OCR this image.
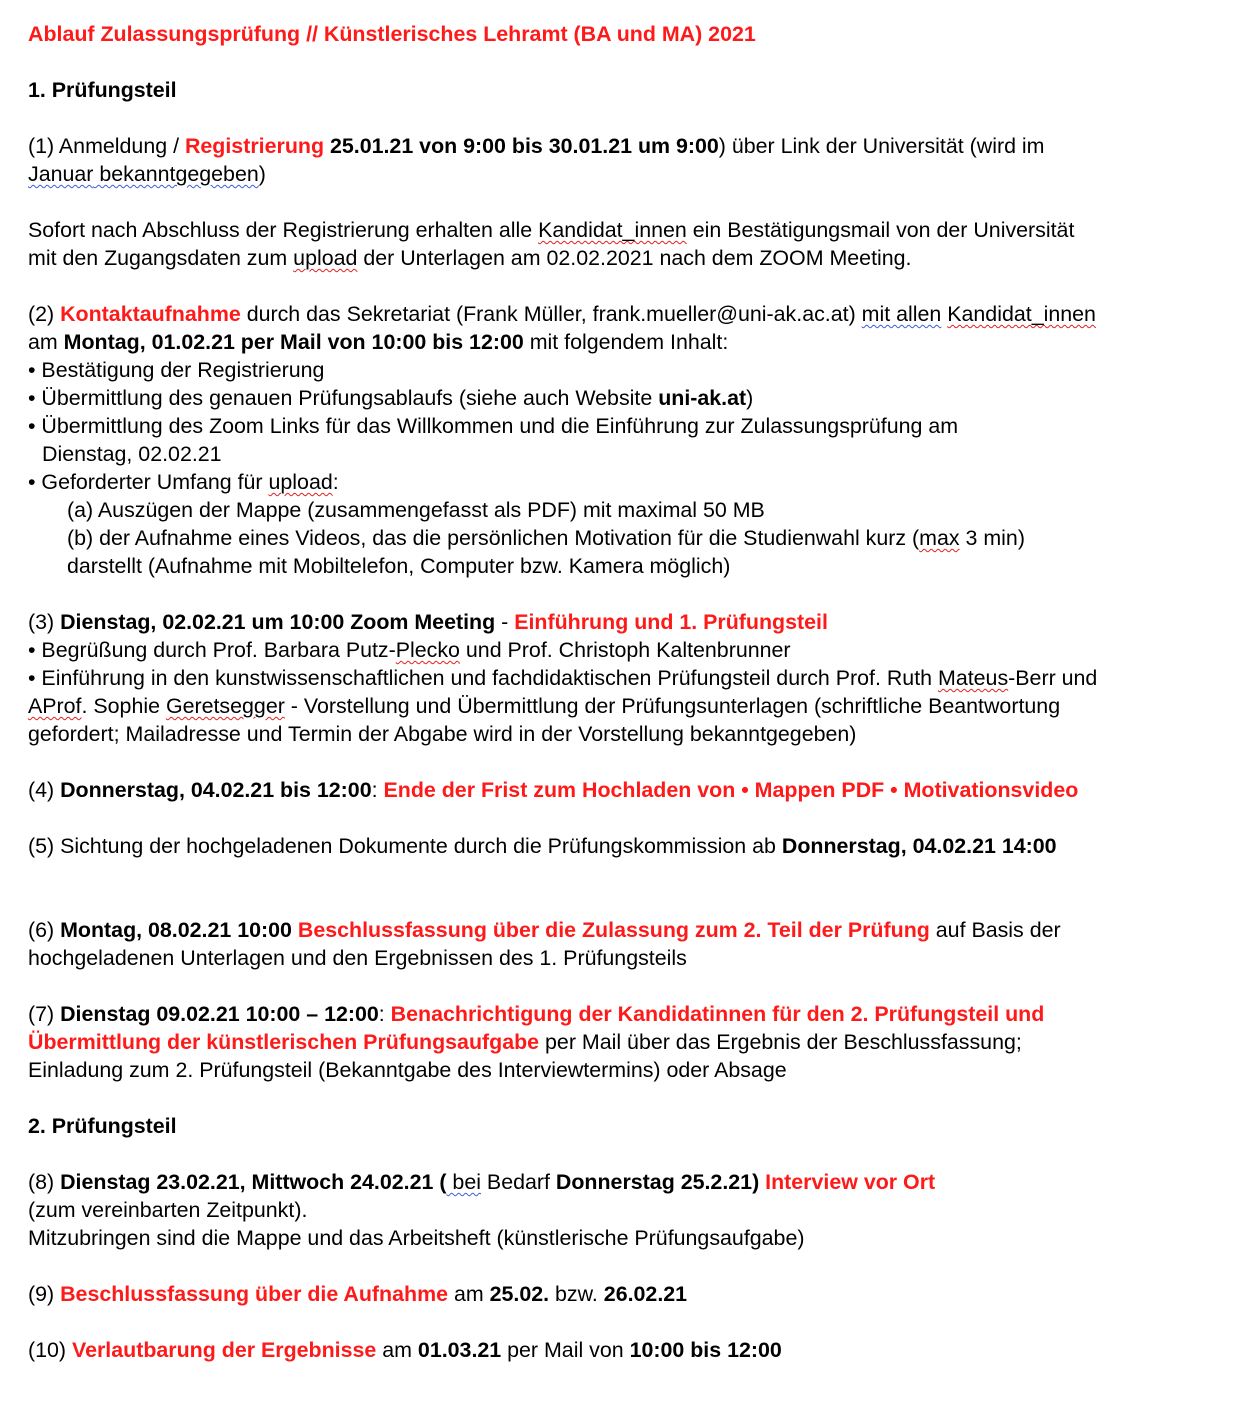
Ablauf Zulassungsprüfung // Künstlerisches Lehramt (BA und MA) 2021
1. Prüfungsteil
(1) Anmeldung / Registrierung 25.01.21 von 9:00 bis 30.01.21 um 9:00) über Link der Universität (wird im
Januar bekanntgegeben)
Sofort nach Abschluss der Registrierung erhalten alle Kandidat_innen ein Bestätigungsmail von der Universität
mit den Zugangsdaten zum upload der Unterlagen am 02.02.2021 nach dem ZOOM Meeting.
(2) Kontaktaufnahme durch das Sekretariat (Frank Müller, frank.mueller@uni-ak.ac.at) mit allen Kandidat_innen
am Montag, 01.02.21 per Mail von 10:00 bis 12:00 mit folgendem Inhalt:
• Bestätigung der Registrierung
• Übermittlung des genauen Prüfungsablaufs (siehe auch Website uni-ak.at)
• Übermittlung des Zoom Links für das Willkommen und die Einführung zur Zulassungsprüfung am
Dienstag, 02.02.21
• Geforderter Umfang für upload:
(a) Auszügen der Mappe (zusammengefasst als PDF) mit maximal 50 MB
(b) der Aufnahme eines Videos, das die persönlichen Motivation für die Studienwahl kurz (max 3 min)
darstellt (Aufnahme mit Mobiltelefon, Computer bzw. Kamera möglich)
(3) Dienstag, 02.02.21 um 10:00 Zoom Meeting - Einführung und 1. Prüfungsteil
• Begrüßung durch Prof. Barbara Putz-Plecko und Prof. Christoph Kaltenbrunner
• Einführung in den kunstwissenschaftlichen und fachdidaktischen Prüfungsteil durch Prof. Ruth Mateus-Berr und
AProf. Sophie Geretsegger - Vorstellung und Übermittlung der Prüfungsunterlagen (schriftliche Beantwortung
gefordert; Mailadresse und Termin der Abgabe wird in der Vorstellung bekanntgegeben)
(4) Donnerstag, 04.02.21 bis 12:00: Ende der Frist zum Hochladen von • Mappen PDF • Motivationsvideo
(5) Sichtung der hochgeladenen Dokumente durch die Prüfungskommission ab Donnerstag, 04.02.21 14:00
(6) Montag, 08.02.21 10:00 Beschlussfassung über die Zulassung zum 2. Teil der Prüfung auf Basis der
hochgeladenen Unterlagen und den Ergebnissen des 1. Prüfungsteils
(7) Dienstag 09.02.21 10:00 – 12:00: Benachrichtigung der Kandidatinnen für den 2. Prüfungsteil und
Übermittlung der künstlerischen Prüfungsaufgabe per Mail über das Ergebnis der Beschlussfassung;
Einladung zum 2. Prüfungsteil (Bekanntgabe des Interviewtermins) oder Absage
2. Prüfungsteil
(8) Dienstag 23.02.21, Mittwoch 24.02.21 ( bei Bedarf Donnerstag 25.2.21) Interview vor Ort
(zum vereinbarten Zeitpunkt).
Mitzubringen sind die Mappe und das Arbeitsheft (künstlerische Prüfungsaufgabe)
(9) Beschlussfassung über die Aufnahme am 25.02. bzw. 26.02.21
(10) Verlautbarung der Ergebnisse am 01.03.21 per Mail von 10:00 bis 12:00
